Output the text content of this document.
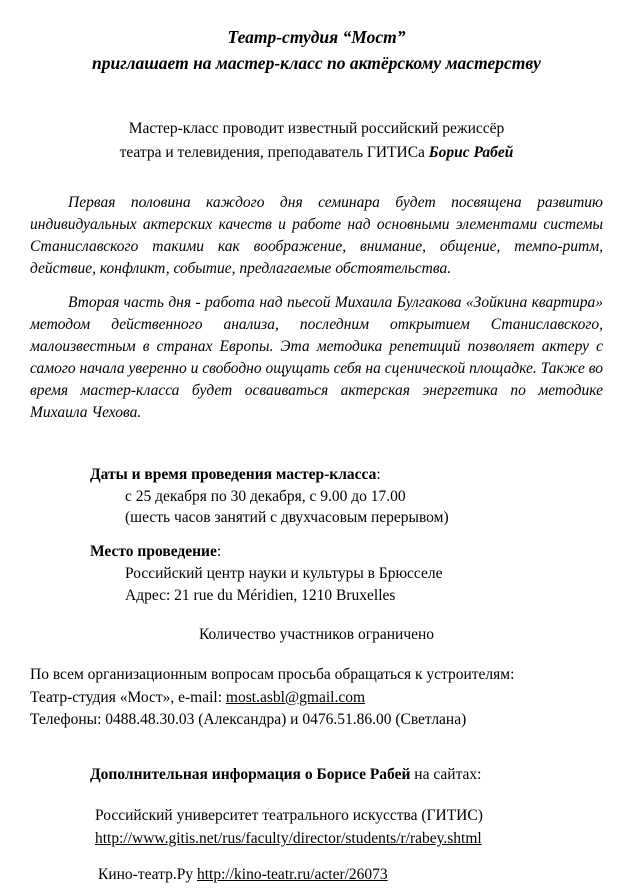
Театр-студия “Мост”
приглашает на мастер-класс по актёрскому мастерству

Мастер-класс проводит известный российский режиссёр
театра и телевидения, преподаватель ГИТИСа Борис Рабей

Первая половина каждого дня семинара будет посвящена развитию индивидуальных актерских качеств и работе над основными элементами системы Станиславского такими как воображение, внимание, общение, темпо-ритм, действие, конфликт, событие, предлагаемые обстоятельства.

Вторая часть дня - работа над пьесой Михаила Булгакова «Зойкина квартира» методом действенного анализа, последним открытием Станиславского, малоизвестным в странах Европы. Эта методика репетиций позволяет актеру с самого начала уверенно и свободно ощущать себя на сценической площадке. Также во время мастер-класса будет осваиваться актерская энергетика по методике Михаила Чехова.

Даты и время проведения мастер-класса:
с 25 декабря по 30 декабря, с 9.00 до 17.00
(шесть часов занятий с двухчасовым перерывом)
Место проведение:
Российский центр науки и культуры в Брюсселе
Адрес: 21 rue du Méridien, 1210 Bruxelles

Количество участников ограничено

По всем организационным вопросам просьба обращаться к устроителям:
Театр-студия «Мост», e-mail: most.asbl@gmail.com
Телефоны: 0488.48.30.03 (Александра) и 0476.51.86.00 (Светлана)
Дополнительная информация о Борисе Рабей на сайтах:
Российский университет театрального искусства (ГИТИС)
http://www.gitis.net/rus/faculty/director/students/r/rabey.shtml
Кино-театр.Ру http://kino-teatr.ru/acter/26073
